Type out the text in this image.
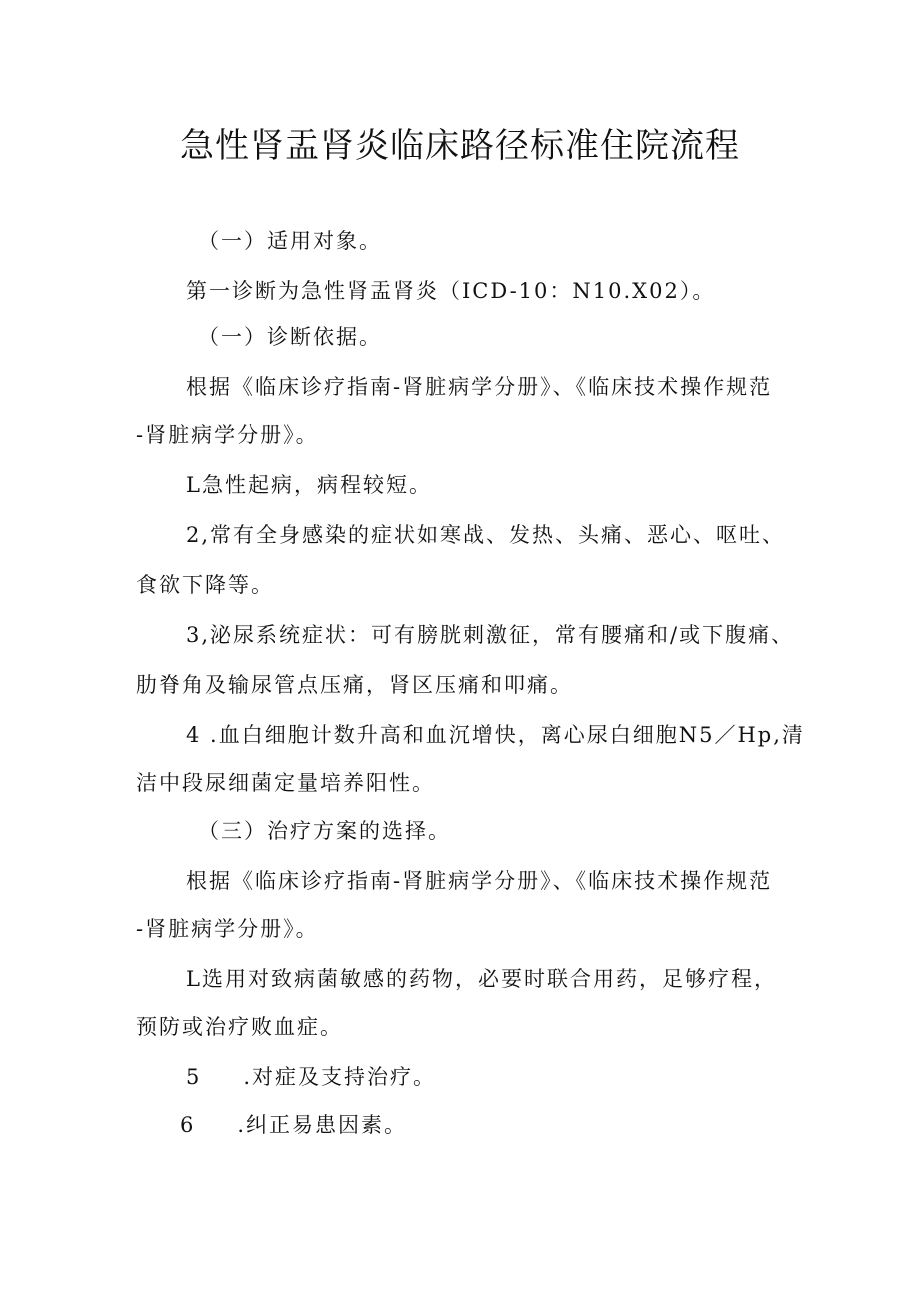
急性肾盂肾炎临床路径标准住院流程
（一）适用对象。
第一诊断为急性肾盂肾炎（ICD-10：N10.X02）。
（一）诊断依据。
根据《临床诊疗指南-肾脏病学分册》、《临床技术操作规范
-肾脏病学分册》。
L急性起病，病程较短。
2,常有全身感染的症状如寒战、发热、头痛、恶心、呕吐、
食欲下降等。
3,泌尿系统症状：可有膀胱刺激征，常有腰痛和/或下腹痛、
肋脊角及输尿管点压痛，肾区压痛和叩痛。
4 .血白细胞计数升高和血沉增快，离心尿白细胞N5／Hp,清
洁中段尿细菌定量培养阳性。
（三）治疗方案的选择。
根据《临床诊疗指南-肾脏病学分册》、《临床技术操作规范
-肾脏病学分册》。
L选用对致病菌敏感的药物，必要时联合用药，足够疗程，
预防或治疗败血症。
5 .对症及支持治疗。
6 .纠正易患因素。
